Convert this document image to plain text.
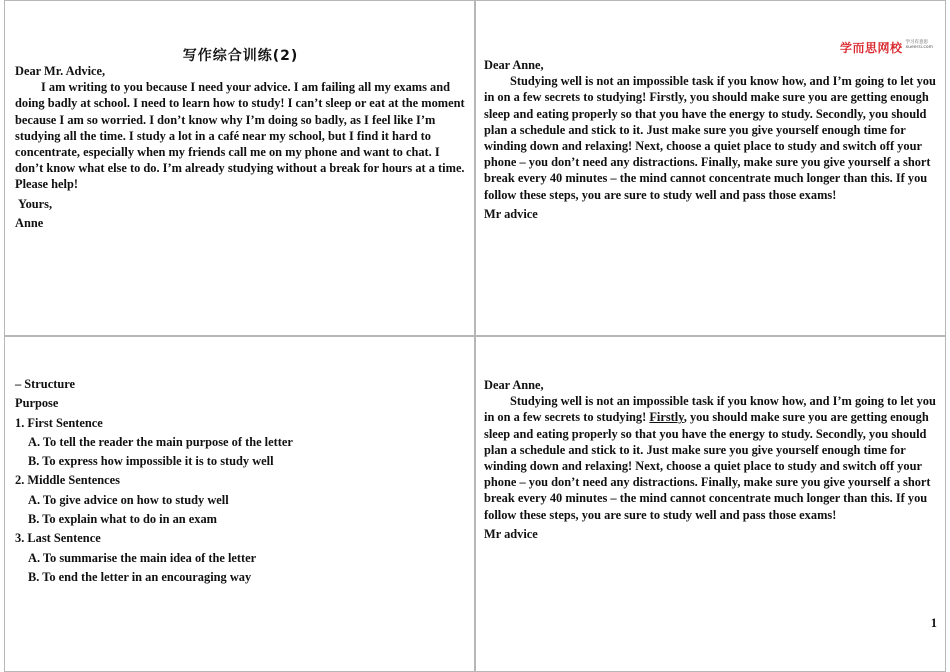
写作综合训练(2)

Dear Mr. Advice,

I am writing to you because I need your advice. I am failing all my exams and doing badly at school. I need to learn how to study! I can’t sleep or eat at the moment because I am so worried. I don’t know why I’m doing so badly, as I feel like I’m studying all the time. I study a lot in a café near my school, but I find it hard to concentrate, especially when my friends call me on my phone and want to chat. I don’t know what else to do. I’m already studying without a break for hours at a time. Please help!

Yours,

Anne

学而思网校 学习有意思
xueersi.com

Dear Anne,

Studying well is not an impossible task if you know how, and I’m going to let you in on a few secrets to studying! Firstly, you should make sure you are getting enough sleep and eating properly so that you have the energy to study. Secondly, you should plan a schedule and stick to it. Just make sure you give yourself enough time for winding down and relaxing! Next, choose a quiet place to study and switch off your phone – you don’t need any distractions. Finally, make sure you give yourself a short break every 40 minutes – the mind cannot concentrate much longer than this. If you follow these steps, you are sure to study well and pass those exams!

Mr advice

– Structure

Purpose

1. First Sentence

A. To tell the reader the main purpose of the letter

B. To express how impossible it is to study well

2. Middle Sentences

A. To give advice on how to study well

B. To explain what to do in an exam

3. Last Sentence

A. To summarise the main idea of the letter

B. To end the letter in an encouraging way

Dear Anne,

Studying well is not an impossible task if you know how, and I’m going to let you in on a few secrets to studying! Firstly, you should make sure you are getting enough sleep and eating properly so that you have the energy to study. Secondly, you should plan a schedule and stick to it. Just make sure you give yourself enough time for winding down and relaxing! Next, choose a quiet place to study and switch off your phone – you don’t need any distractions. Finally, make sure you give yourself a short break every 40 minutes – the mind cannot concentrate much longer than this. If you follow these steps, you are sure to study well and pass those exams!

Mr advice

1
